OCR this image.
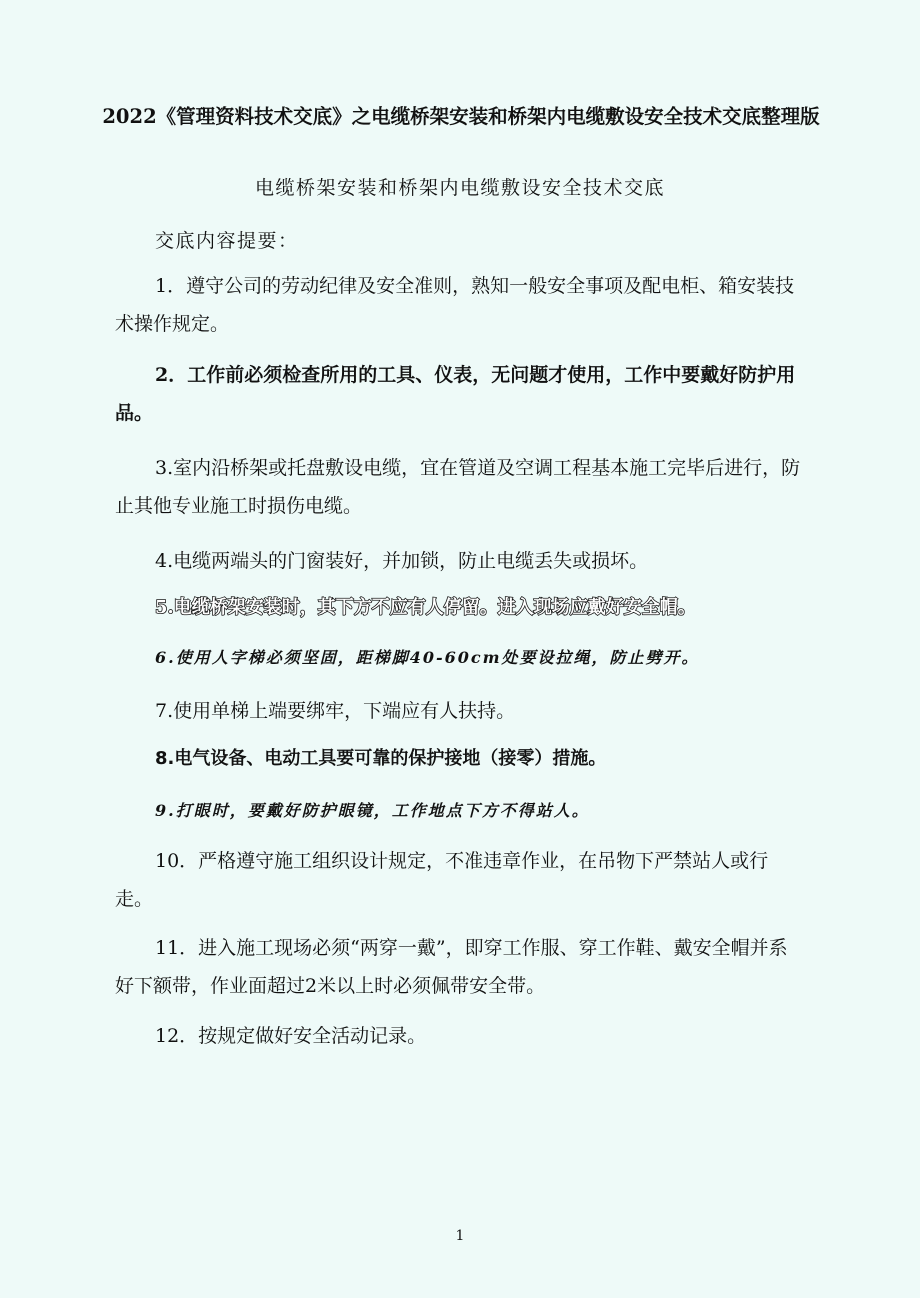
2022《管理资料技术交底》之电缆桥架安装和桥架内电缆敷设安全技术交底整理版
电缆桥架安装和桥架内电缆敷设安全技术交底
交底内容提要：
1．遵守公司的劳动纪律及安全准则，熟知一般安全事项及配电柜、箱安装技术操作规定。
2．工作前必须检查所用的工具、仪表，无问题才使用，工作中要戴好防护用品。
3.室内沿桥架或托盘敷设电缆，宜在管道及空调工程基本施工完毕后进行，防止其他专业施工时损伤电缆。
4.电缆两端头的门窗装好，并加锁，防止电缆丢失或损坏。
5.电缆桥架安装时，其下方不应有人停留。进入现场应戴好安全帽。
6.使用人字梯必须坚固，距梯脚40-60cm处要设拉绳，防止劈开。
7.使用单梯上端要绑牢，下端应有人扶持。
8.电气设备、电动工具要可靠的保护接地（接零）措施。
9.打眼时，要戴好防护眼镜，工作地点下方不得站人。
10．严格遵守施工组织设计规定，不准违章作业，在吊物下严禁站人或行走。
11．进入施工现场必须“两穿一戴”，即穿工作服、穿工作鞋、戴安全帽并系好下额带，作业面超过2米以上时必须佩带安全带。
12．按规定做好安全活动记录。
1
